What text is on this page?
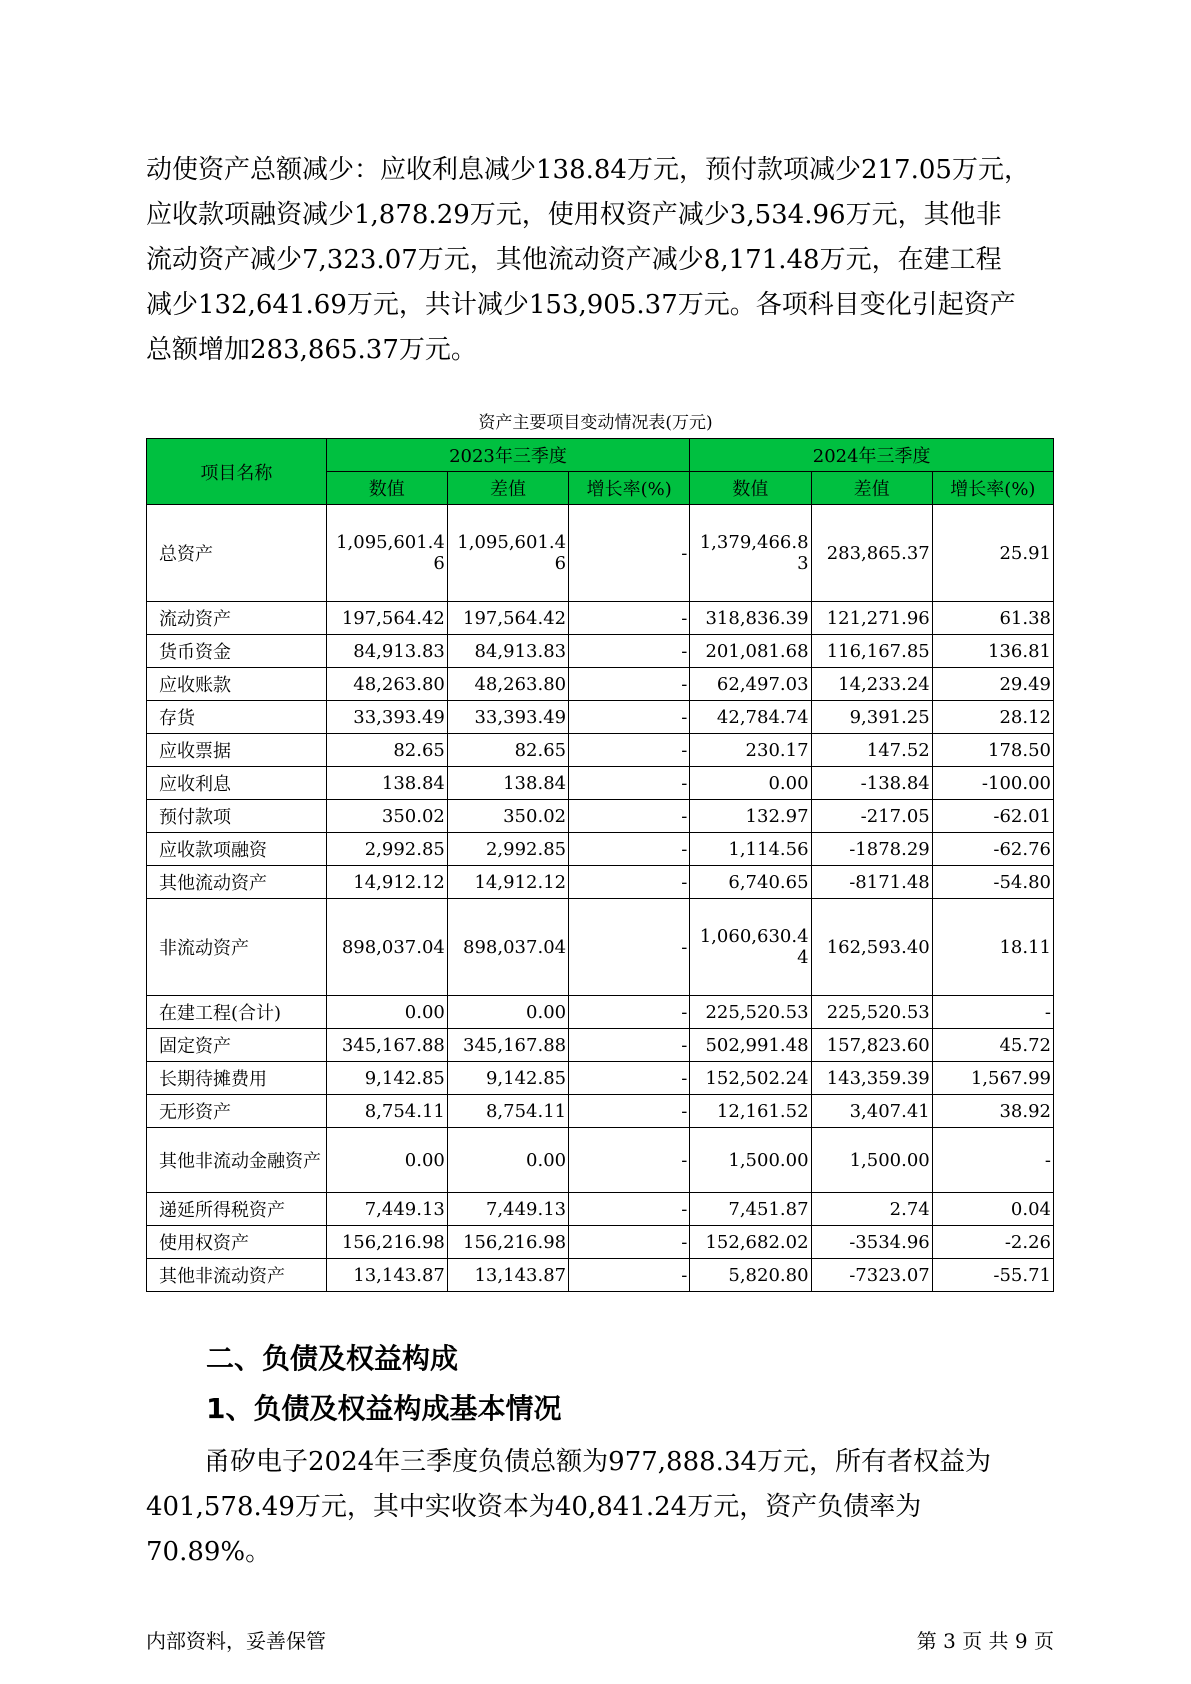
动使资产总额减少：应收利息减少138.84万元，预付款项减少217.05万元，

应收款项融资减少1,878.29万元，使用权资产减少3,534.96万元，其他非

流动资产减少7,323.07万元，其他流动资产减少8,171.48万元，在建工程

减少132,641.69万元，共计减少153,905.37万元。各项科目变化引起资产

总额增加283,865.37万元。

资产主要项目变动情况表(万元)
项目名称	2023年三季度			2024年三季度		
	数值	差值	增长率(%)	数值	差值	增长率(%)
总资产	1,095,601.46	1,095,601.46	-	1,379,466.83	283,865.37	25.91
流动资产	197,564.42	197,564.42	-	318,836.39	121,271.96	61.38
货币资金	84,913.83	84,913.83	-	201,081.68	116,167.85	136.81
应收账款	48,263.80	48,263.80	-	62,497.03	14,233.24	29.49
存货	33,393.49	33,393.49	-	42,784.74	9,391.25	28.12
应收票据	82.65	82.65	-	230.17	147.52	178.50
应收利息	138.84	138.84	-	0.00	-138.84	-100.00
预付款项	350.02	350.02	-	132.97	-217.05	-62.01
应收款项融资	2,992.85	2,992.85	-	1,114.56	-1878.29	-62.76
其他流动资产	14,912.12	14,912.12	-	6,740.65	-8171.48	-54.80
非流动资产	898,037.04	898,037.04	-	1,060,630.44	162,593.40	18.11
在建工程(合计)	0.00	0.00	-	225,520.53	225,520.53	-
固定资产	345,167.88	345,167.88	-	502,991.48	157,823.60	45.72
长期待摊费用	9,142.85	9,142.85	-	152,502.24	143,359.39	1,567.99
无形资产	8,754.11	8,754.11	-	12,161.52	3,407.41	38.92
其他非流动金融资产	0.00	0.00	-	1,500.00	1,500.00	-
递延所得税资产	7,449.13	7,449.13	-	7,451.87	2.74	0.04
使用权资产	156,216.98	156,216.98	-	152,682.02	-3534.96	-2.26
其他非流动资产	13,143.87	13,143.87	-	5,820.80	-7323.07	-55.71
二、负债及权益构成
1、负债及权益构成基本情况

甬矽电子2024年三季度负债总额为977,888.34万元，所有者权益为

401,578.49万元，其中实收资本为40,841.24万元，资产负债率为70.89%。

内部资料，妥善保管	第 3 页 共 9 页
